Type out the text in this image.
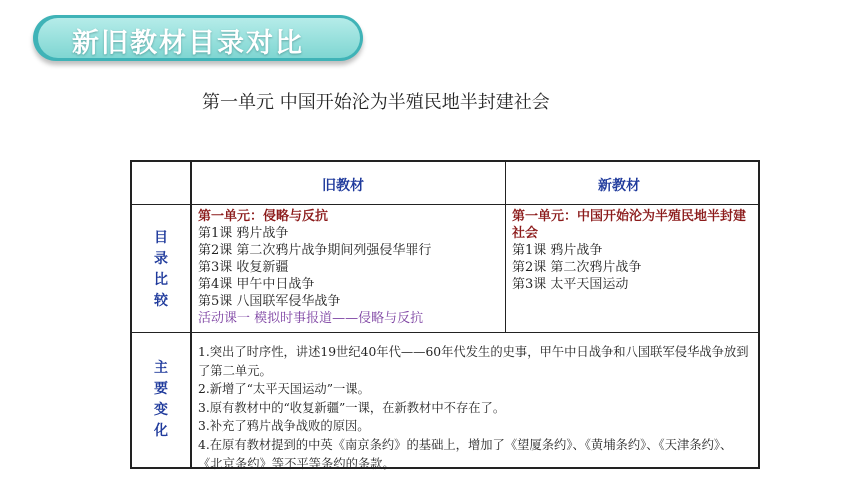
新旧教材目录对比
第一单元 中国开始沦为半殖民地半封建社会
旧教材	新教材
目
录
比
较
第一单元：侵略与反抗
第1课 鸦片战争
第2课 第二次鸦片战争期间列强侵华罪行
第3课 收复新疆
第4课 甲午中日战争
第5课 八国联军侵华战争
活动课一 模拟时事报道——侵略与反抗
第一单元：中国开始沦为半殖民地半封建社会
第1课 鸦片战争
第2课 第二次鸦片战争
第3课 太平天国运动
主
要
变
化
1.突出了时序性，讲述19世纪40年代——60年代发生的史事，甲午中日战争和八国联军侵华战争放到了第二单元。
2.新增了“太平天国运动”一课。
3.原有教材中的“收复新疆”一课，在新教材中不存在了。
3.补充了鸦片战争战败的原因。
4.在原有教材提到的中英《南京条约》的基础上，增加了《望厦条约》、《黄埔条约》、《天津条约》、《北京条约》等不平等条约的条款。
